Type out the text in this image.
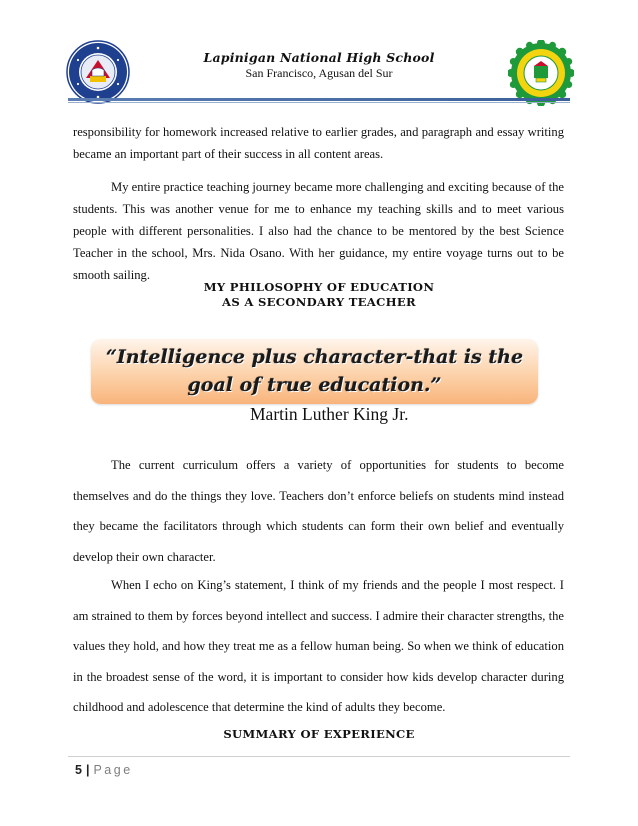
Lapinigan National High School
San Francisco, Agusan del Sur

responsibility for homework increased relative to earlier grades, and paragraph and essay writing became an important part of their success in all content areas.

My entire practice teaching journey became more challenging and exciting because of the students. This was another venue for me to enhance my teaching skills and to meet various people with different personalities. I also had the chance to be mentored by the best Science Teacher in the school, Mrs. Nida Osano. With her guidance, my entire voyage turns out to be smooth sailing.

MY PHILOSOPHY OF EDUCATION
AS A SECONDARY TEACHER
“Intelligence plus character-that is the goal of true education.”
Martin Luther King Jr.

The current curriculum offers a variety of opportunities for students to become themselves and do the things they love. Teachers don’t enforce beliefs on students mind instead they became the facilitators through which students can form their own belief and eventually develop their own character.

When I echo on King’s statement, I think of my friends and the people I most respect. I am strained to them by forces beyond intellect and success. I admire their character strengths, the values they hold, and how they treat me as a fellow human being. So when we think of education in the broadest sense of the word, it is important to consider how kids develop character during childhood and adolescence that determine the kind of adults they become.

SUMMARY OF EXPERIENCE
5 | Page
